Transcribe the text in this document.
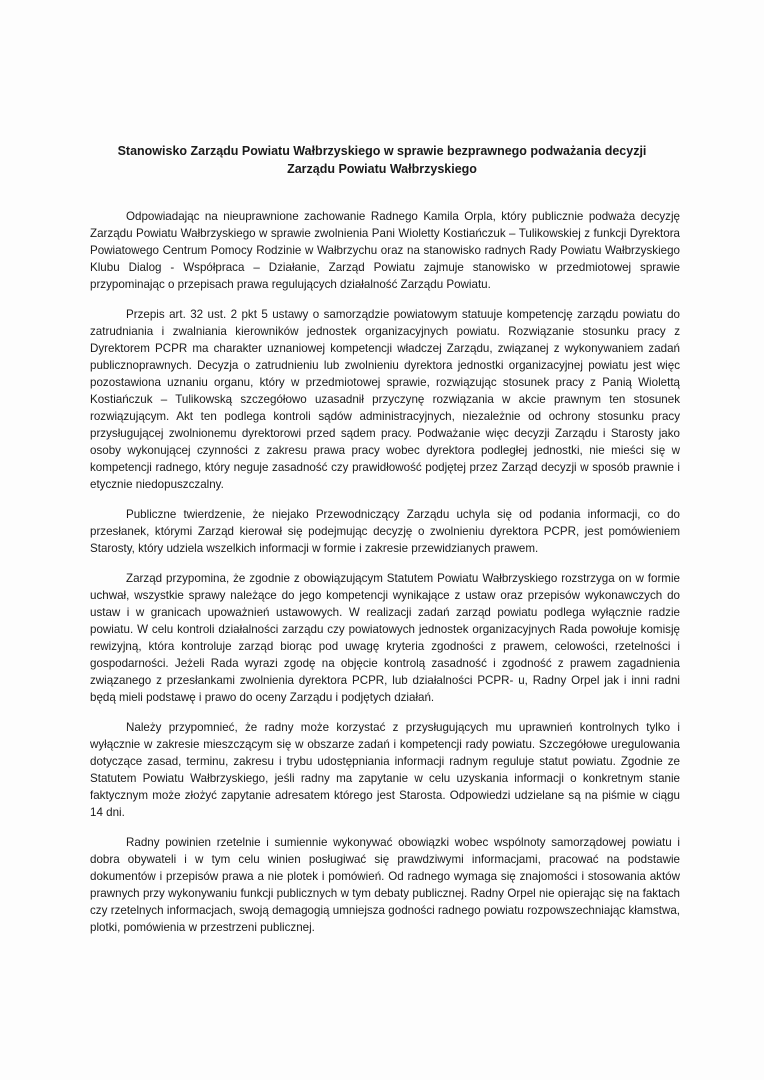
Stanowisko Zarządu Powiatu Wałbrzyskiego w sprawie bezprawnego podważania decyzji
Zarządu Powiatu Wałbrzyskiego

Odpowiadając na nieuprawnione zachowanie Radnego Kamila Orpla, który publicznie podważa decyzję Zarządu Powiatu Wałbrzyskiego w sprawie zwolnienia Pani Wioletty Kostiańczuk – Tulikowskiej z funkcji Dyrektora Powiatowego Centrum Pomocy Rodzinie w Wałbrzychu oraz na stanowisko radnych Rady Powiatu Wałbrzyskiego Klubu Dialog - Współpraca – Działanie, Zarząd Powiatu zajmuje stanowisko w przedmiotowej sprawie przypominając o przepisach prawa regulujących działalność Zarządu Powiatu.

Przepis art. 32 ust. 2 pkt 5 ustawy o samorządzie powiatowym statuuje kompetencję zarządu powiatu do zatrudniania i zwalniania kierowników jednostek organizacyjnych powiatu. Rozwiązanie stosunku pracy z Dyrektorem PCPR ma charakter uznaniowej kompetencji władczej Zarządu, związanej z wykonywaniem zadań publicznoprawnych. Decyzja o zatrudnieniu lub zwolnieniu dyrektora jednostki organizacyjnej powiatu jest więc pozostawiona uznaniu organu, który w przedmiotowej sprawie, rozwiązując stosunek pracy z Panią Wiolettą Kostiańczuk – Tulikowską szczegółowo uzasadnił przyczynę rozwiązania w akcie prawnym ten stosunek rozwiązującym. Akt ten podlega kontroli sądów administracyjnych, niezależnie od ochrony stosunku pracy przysługującej zwolnionemu dyrektorowi przed sądem pracy. Podważanie więc decyzji Zarządu i Starosty jako osoby wykonującej czynności z zakresu prawa pracy wobec dyrektora podległej jednostki, nie mieści się w kompetencji radnego, który neguje zasadność czy prawidłowość podjętej przez Zarząd decyzji w sposób prawnie i etycznie niedopuszczalny.

Publiczne twierdzenie, że niejako Przewodniczący Zarządu uchyla się od podania informacji, co do przesłanek, którymi Zarząd kierował się podejmując decyzję o zwolnieniu dyrektora PCPR, jest pomówieniem Starosty, który udziela wszelkich informacji w formie i zakresie przewidzianych prawem.

Zarząd przypomina, że zgodnie z obowiązującym Statutem Powiatu Wałbrzyskiego rozstrzyga on w formie uchwał, wszystkie sprawy należące do jego kompetencji wynikające z ustaw oraz przepisów wykonawczych do ustaw i w granicach upoważnień ustawowych. W realizacji zadań zarząd powiatu podlega wyłącznie radzie powiatu. W celu kontroli działalności zarządu czy powiatowych jednostek organizacyjnych Rada powołuje komisję rewizyjną, która kontroluje zarząd biorąc pod uwagę kryteria zgodności z prawem, celowości, rzetelności i gospodarności. Jeżeli Rada wyrazi zgodę na objęcie kontrolą zasadność i zgodność z prawem zagadnienia związanego z przesłankami zwolnienia dyrektora PCPR, lub działalności PCPR- u, Radny Orpel jak i inni radni będą mieli podstawę i prawo do oceny Zarządu i podjętych działań.

Należy przypomnieć, że radny może korzystać z przysługujących mu uprawnień kontrolnych tylko i wyłącznie w zakresie mieszczącym się w obszarze zadań i kompetencji rady powiatu. Szczegółowe uregulowania dotyczące zasad, terminu, zakresu i trybu udostępniania informacji radnym reguluje statut powiatu. Zgodnie ze Statutem Powiatu Wałbrzyskiego, jeśli radny ma zapytanie w celu uzyskania informacji o konkretnym stanie faktycznym może złożyć zapytanie adresatem którego jest Starosta. Odpowiedzi udzielane są na piśmie w ciągu 14 dni.

Radny powinien rzetelnie i sumiennie wykonywać obowiązki wobec wspólnoty samorządowej powiatu i dobra obywateli i w tym celu winien posługiwać się prawdziwymi informacjami, pracować na podstawie dokumentów i przepisów prawa a nie plotek i pomówień. Od radnego wymaga się znajomości i stosowania aktów prawnych przy wykonywaniu funkcji publicznych w tym debaty publicznej. Radny Orpel nie opierając się na faktach czy rzetelnych informacjach, swoją demagogią umniejsza godności radnego powiatu rozpowszechniając kłamstwa, plotki, pomówienia w przestrzeni publicznej.
